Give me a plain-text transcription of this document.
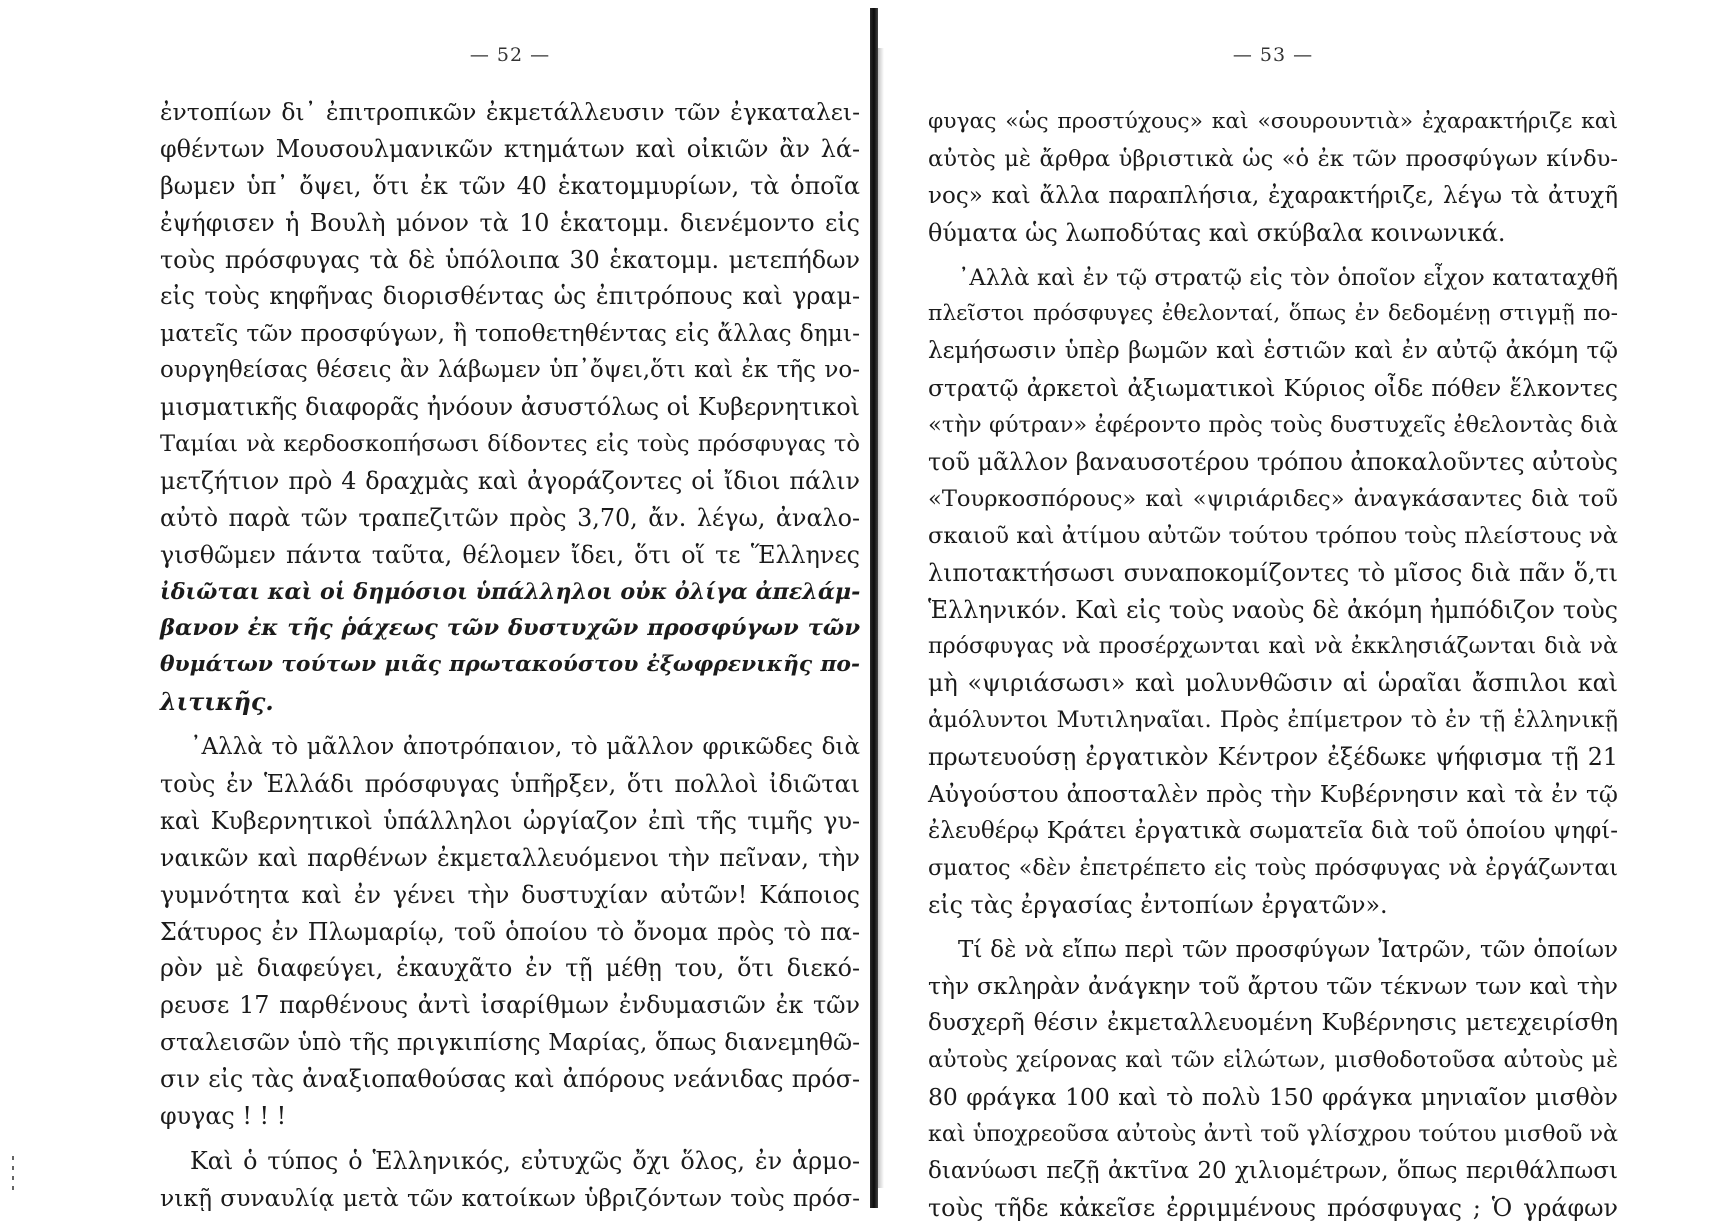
— 52 —
ἐντοπίων δι᾽ ἐπιτροπικῶν ἐκμετάλλευσιν τῶν ἐγκαταλει-
φθέντων Μουσουλμανικῶν κτημάτων καὶ οἰκιῶν ἂν λά-
βωμεν ὑπ᾽ ὄψει, ὅτι ἐκ τῶν 40 ἑκατομμυρίων, τὰ ὁποῖα
ἐψήφισεν ἡ Βουλὴ μόνον τὰ 10 ἑκατομμ. διενέμοντο εἰς
τοὺς πρόσφυγας τὰ δὲ ὑπόλοιπα 30 ἑκατομμ. μετεπήδων
εἰς τοὺς κηφῆνας διορισθέντας ὡς ἐπιτρόπους καὶ γραμ-
ματεῖς τῶν προσφύγων, ἢ τοποθετηθέντας εἰς ἄλλας δημι-
ουργηθείσας θέσεις ἂν λάβωμεν ὑπ᾽ὄψει,ὅτι καὶ ἐκ τῆς νο-
μισματικῆς διαφορᾶς ἠνόουν ἀσυστόλως οἱ Κυβερνητικοὶ
Ταμίαι νὰ κερδοσκοπήσωσι δίδοντες εἰς τοὺς πρόσφυγας τὸ
μετζήτιον πρὸ 4 δραχμὰς καὶ ἀγοράζοντες οἱ ἴδιοι πάλιν
αὐτὸ παρὰ τῶν τραπεζιτῶν πρὸς 3,70, ἄν. λέγω, ἀναλο-
γισθῶμεν πάντα ταῦτα, θέλομεν ἴδει, ὅτι οἵ τε Ἕλληνες
ἰδιῶται καὶ οἱ δημόσιοι ὑπάλληλοι οὐκ ὀλίγα ἀπελάμ-
βανον ἐκ τῆς ῥάχεως τῶν δυστυχῶν προσφύγων τῶν
θυμάτων τούτων μιᾶς πρωτακούστου ἐξωφρενικῆς πο-
λιτικῆς.
᾽Αλλὰ τὸ μᾶλλον ἀποτρόπαιον, τὸ μᾶλλον φρικῶδες διὰ
τοὺς ἐν Ἑλλάδι πρόσφυγας ὑπῆρξεν, ὅτι πολλοὶ ἰδιῶται
καὶ Κυβερνητικοὶ ὑπάλληλοι ὠργίαζον ἐπὶ τῆς τιμῆς γυ-
ναικῶν καὶ παρθένων ἐκμεταλλευόμενοι τὴν πεῖναν, τὴν
γυμνότητα καὶ ἐν γένει τὴν δυστυχίαν αὐτῶν! Κάποιος
Σάτυρος ἐν Πλωμαρίῳ, τοῦ ὁποίου τὸ ὄνομα πρὸς τὸ πα-
ρὸν μὲ διαφεύγει, ἐκαυχᾶτο ἐν τῇ μέθῃ του, ὅτι διεκό-
ρευσε 17 παρθένους ἀντὶ ἰσαρίθμων ἐνδυμασιῶν ἐκ τῶν
σταλεισῶν ὑπὸ τῆς πριγκιπίσης Μαρίας, ὅπως διανεμηθῶ-
σιν εἰς τὰς ἀναξιοπαθούσας καὶ ἀπόρους νεάνιδας πρόσ-
φυγας ! ! !
Καὶ ὁ τύπος ὁ Ἑλληνικός, εὐτυχῶς ὄχι ὅλος, ἐν ἁρμο-
νικῇ συναυλίᾳ μετὰ τῶν κατοίκων ὑβριζόντων τοὺς πρόσ-
— 53 —
φυγας «ὡς προστύχους» καὶ «σουρουντιὰ» ἐχαρακτήριζε καὶ
αὐτὸς μὲ ἄρθρα ὑβριστικὰ ὡς «ὁ ἐκ τῶν προσφύγων κίνδυ-
νος» καὶ ἄλλα παραπλήσια, ἐχαρακτήριζε, λέγω τὰ ἀτυχῆ
θύματα ὡς λωποδύτας καὶ σκύβαλα κοινωνικά.
᾽Αλλὰ καὶ ἐν τῷ στρατῷ εἰς τὸν ὁποῖον εἶχον καταταχθῆ
πλεῖστοι πρόσφυγες ἐθελονταί, ὅπως ἐν δεδομένῃ στιγμῇ πο-
λεμήσωσιν ὑπὲρ βωμῶν καὶ ἑστιῶν καὶ ἐν αὐτῷ ἀκόμη τῷ
στρατῷ ἀρκετοὶ ἀξιωματικοὶ Κύριος οἶδε πόθεν ἕλκοντες
«τὴν φύτραν» ἐφέροντο πρὸς τοὺς δυστυχεῖς ἐθελοντὰς διὰ
τοῦ μᾶλλον βαναυσοτέρου τρόπου ἀποκαλοῦντες αὐτοὺς
«Τουρκοσπόρους» καὶ «ψιριάριδες» ἀναγκάσαντες διὰ τοῦ
σκαιοῦ καὶ ἀτίμου αὐτῶν τούτου τρόπου τοὺς πλείστους νὰ
λιποτακτήσωσι συναποκομίζοντες τὸ μῖσος διὰ πᾶν ὅ,τι
Ἑλληνικόν. Καὶ εἰς τοὺς ναοὺς δὲ ἀκόμη ἠμπόδιζον τοὺς
πρόσφυγας νὰ προσέρχωνται καὶ νὰ ἐκκλησιάζωνται διὰ νὰ
μὴ «ψιριάσωσι» καὶ μολυνθῶσιν αἱ ὡραῖαι ἄσπιλοι καὶ
ἀμόλυντοι Μυτιληναῖαι. Πρὸς ἐπίμετρον τὸ ἐν τῇ ἑλληνικῇ
πρωτευούσῃ ἐργατικὸν Κέντρον ἐξέδωκε ψήφισμα τῇ 21
Αὐγούστου ἀποσταλὲν πρὸς τὴν Κυβέρνησιν καὶ τὰ ἐν τῷ
ἐλευθέρῳ Κράτει ἐργατικὰ σωματεῖα διὰ τοῦ ὁποίου ψηφί-
σματος «δὲν ἐπετρέπετο εἰς τοὺς πρόσφυγας νὰ ἐργάζωνται
εἰς τὰς ἐργασίας ἐντοπίων ἐργατῶν».
Τί δὲ νὰ εἴπω περὶ τῶν προσφύγων Ἰατρῶν, τῶν ὁποίων
τὴν σκληρὰν ἀνάγκην τοῦ ἄρτου τῶν τέκνων των καὶ τὴν
δυσχερῆ θέσιν ἐκμεταλλευομένη Κυβέρνησις μετεχειρίσθη
αὐτοὺς χείρονας καὶ τῶν εἱλώτων, μισθοδοτοῦσα αὐτοὺς μὲ
80 φράγκα 100 καὶ τὸ πολὺ 150 φράγκα μηνιαῖον μισθὸν
καὶ ὑποχρεοῦσα αὐτοὺς ἀντὶ τοῦ γλίσχρου τούτου μισθοῦ νὰ
διανύωσι πεζῇ ἀκτῖνα 20 χιλιομέτρων, ὅπως περιθάλπωσι
τοὺς τῆδε κἀκεῖσε ἐρριμμένους πρόσφυγας ; Ὁ γράφων
